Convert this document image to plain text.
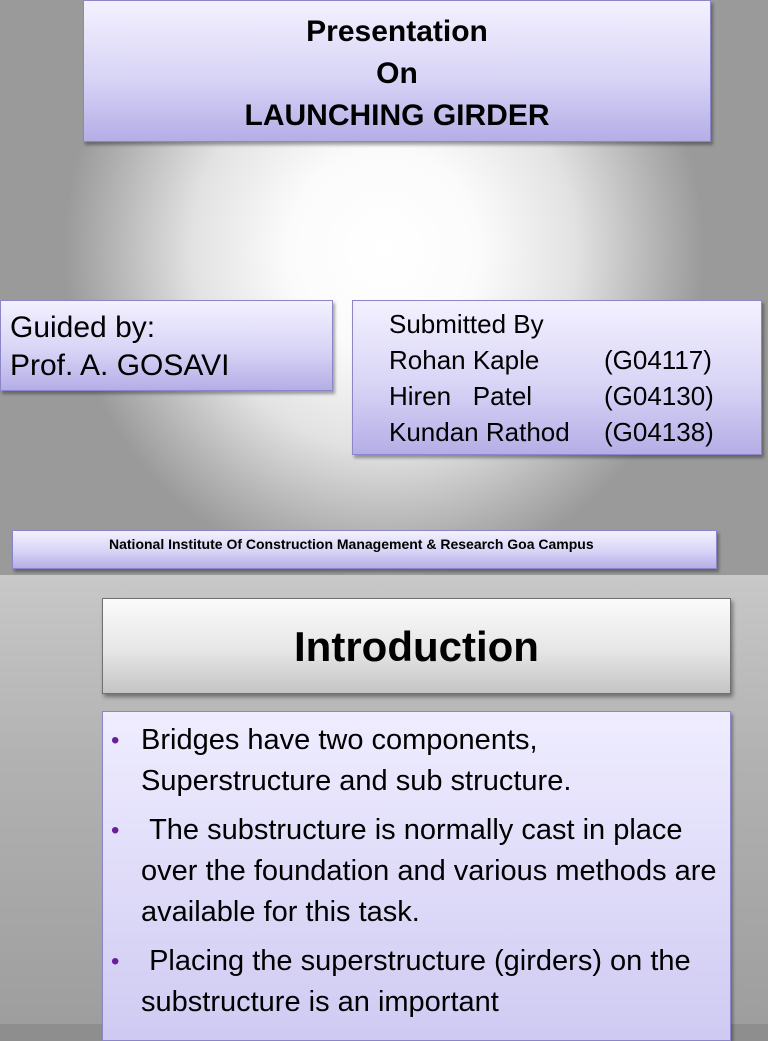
Presentation
On
LAUNCHING GIRDER
Guided by:
Prof. A. GOSAVI
Submitted By
Rohan Kaple	(G04117)
Hiren   Patel	(G04130)
Kundan Rathod	(G04138)
National Institute Of Construction Management & Research Goa Campus
Introduction
• Bridges have two components, Superstructure and sub structure.
• The substructure is normally cast in place over the foundation and various methods are available for this task.
• Placing the superstructure (girders) on the substructure is an important
